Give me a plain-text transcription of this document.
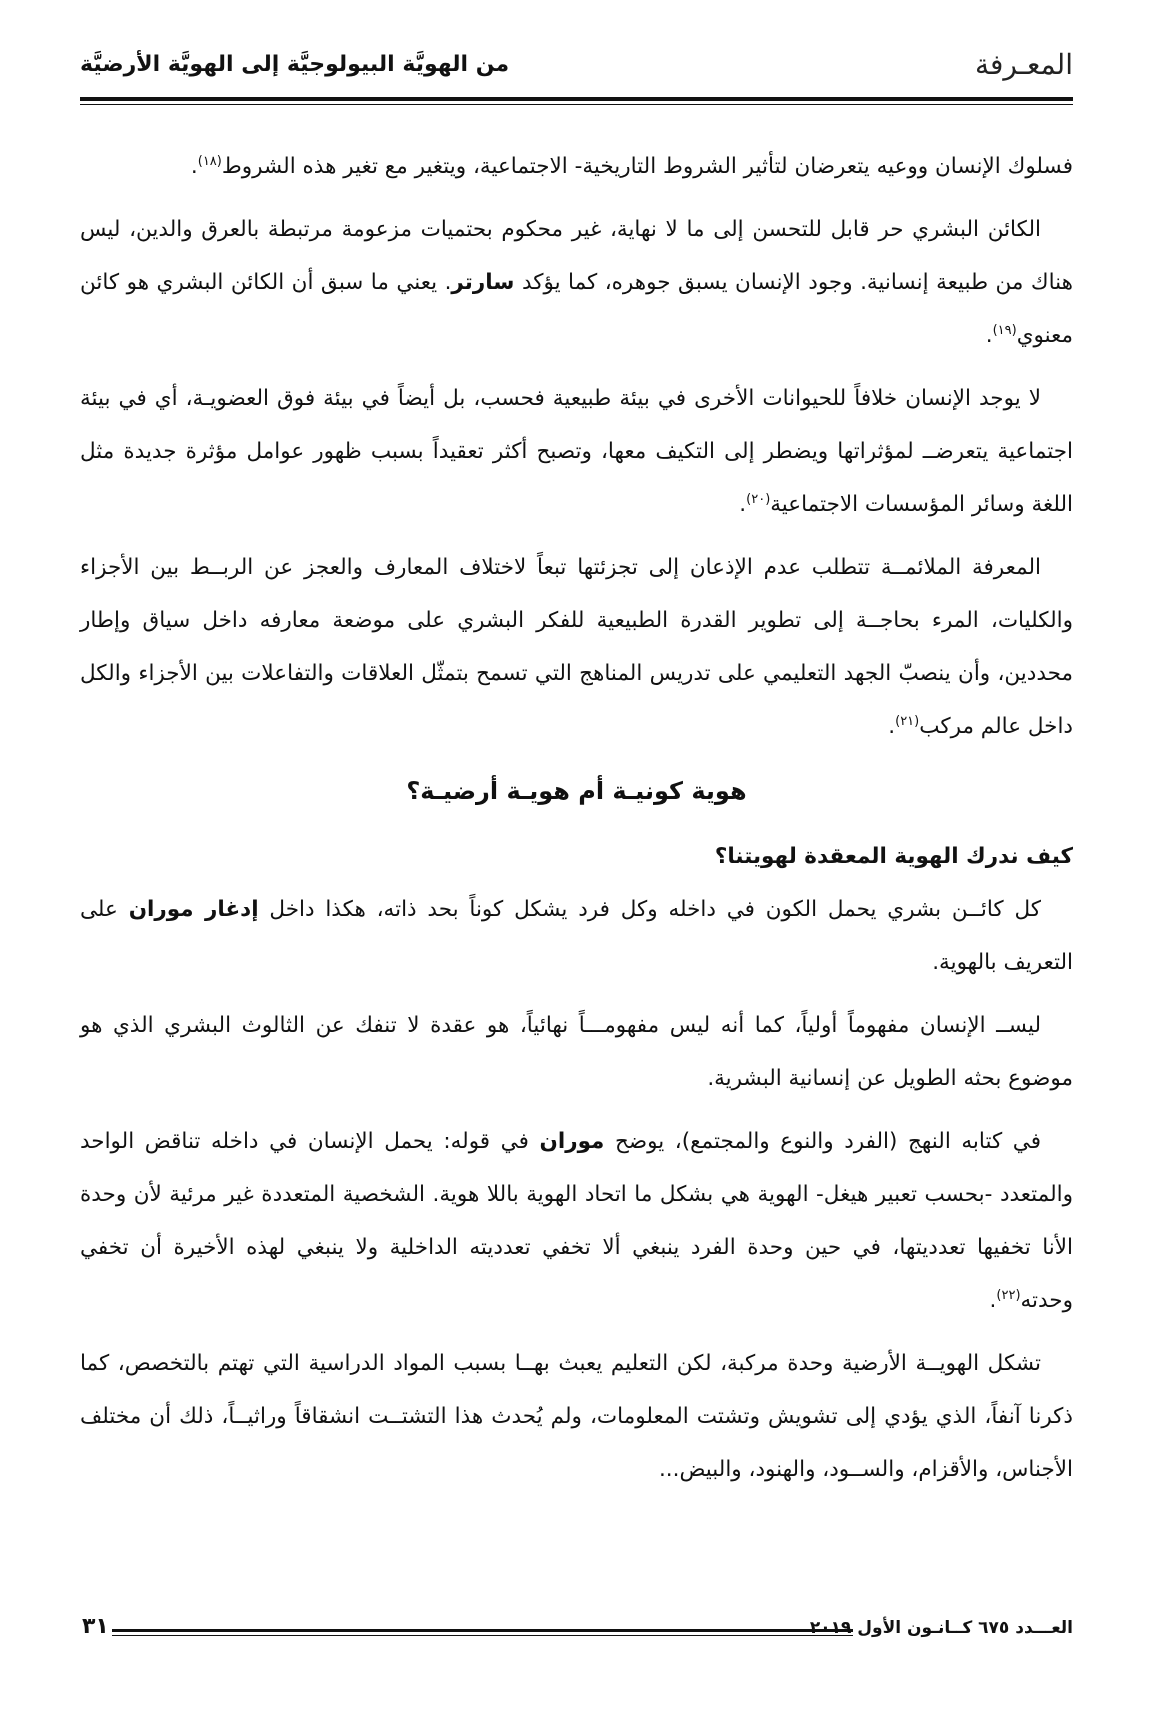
المعـرفة
من الهويَّة البيولوجيَّة إلى الهويَّة الأرضيَّة

فسلوك الإنسان ووعيه يتعرضان لتأثير الشروط التاريخية- الاجتماعية، ويتغير مع تغير هذه الشروط$^{(١٨)}$.

الكائن البشري حر قابل للتحسن إلى ما لا نهاية، غير محكوم بحتميات مزعومة مرتبطة بالعرق والدين، ليس هناك من طبيعة إنسانية. وجود الإنسان يسبق جوهره، كما يؤكد سارتر. يعني ما سبق أن الكائن البشري هو كائن معنوي$^{(١٩)}$.

لا يوجد الإنسان خلافاً للحيوانات الأخرى في بيئة طبيعية فحسب، بل أيضاً في بيئة فوق العضويـة، أي في بيئة اجتماعية يتعرضــ لمؤثراتها ويضطر إلى التكيف معها، وتصبح أكثر تعقيداً بسبب ظهور عوامل مؤثرة جديدة مثل اللغة وسائر المؤسسات الاجتماعية$^{(٢٠)}$.

المعرفة الملائمــة تتطلب عدم الإذعان إلى تجزئتها تبعاً لاختلاف المعارف والعجز عن الربــط بين الأجزاء والكليات، المرء بحاجــة إلى تطوير القدرة الطبيعية للفكر البشري على موضعة معارفه داخل سياق وإطار محددين، وأن ينصبّ الجهد التعليمي على تدريس المناهج التي تسمح بتمثّل العلاقات والتفاعلات بين الأجزاء والكل داخل عالم مركب$^{(٢١)}$.

هوية كونيـة أم هويـة أرضيـة؟

كيف ندرك الهوية المعقدة لهويتنا؟

كل كائــن بشري يحمل الكون في داخله وكل فرد يشكل كوناً بحد ذاته، هكذا داخل إدغار موران على التعريف بالهوية.

ليســ الإنسان مفهوماً أولياً، كما أنه ليس مفهومـــاً نهائياً، هو عقدة لا تنفك عن الثالوث البشري الذي هو موضوع بحثه الطويل عن إنسانية البشرية.

في كتابه النهج (الفرد والنوع والمجتمع)، يوضح موران في قوله: يحمل الإنسان في داخله تناقض الواحد والمتعدد -بحسب تعبير هيغل- الهوية هي بشكل ما اتحاد الهوية باللا هوية. الشخصية المتعددة غير مرئية لأن وحدة الأنا تخفيها تعدديتها، في حين وحدة الفرد ينبغي ألا تخفي تعدديته الداخلية ولا ينبغي لهذه الأخيرة أن تخفي وحدته$^{(٢٢)}$.

تشكل الهويــة الأرضية وحدة مركبة، لكن التعليم يعبث بهــا بسبب المواد الدراسية التي تهتم بالتخصص، كما ذكرنا آنفاً، الذي يؤدي إلى تشويش وتشتت المعلومات، ولم يُحدث هذا التشتــت انشقاقاً وراثيــاً، ذلك أن مختلف الأجناس، والأقزام، والســود، والهنود، والبيض...

العـــدد ٦٧٥ كــانـون الأول ٢٠١٩
٣١
